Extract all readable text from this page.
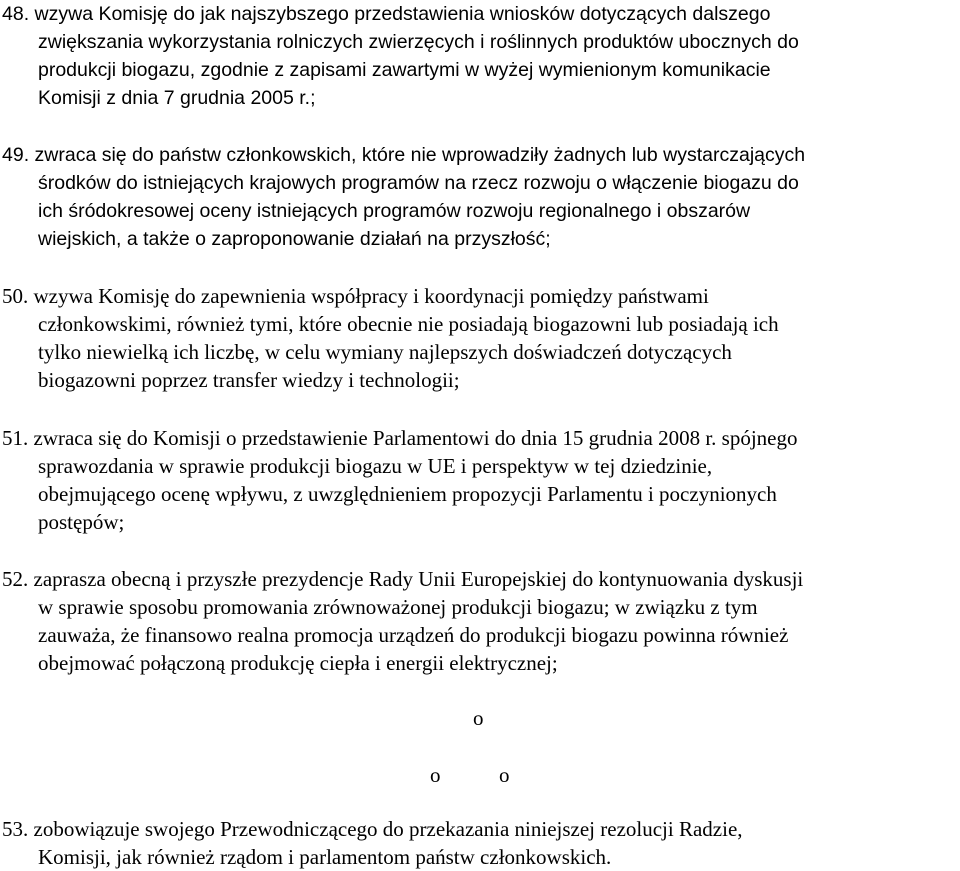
48. wzywa Komisję do jak najszybszego przedstawienia wniosków dotyczących dalszego
zwiększania wykorzystania rolniczych zwierzęcych i roślinnych produktów ubocznych do
produkcji biogazu, zgodnie z zapisami zawartymi w wyżej wymienionym komunikacie
Komisji z dnia 7 grudnia 2005 r.;
49. zwraca się do państw członkowskich, które nie wprowadziły żadnych lub wystarczających
środków do istniejących krajowych programów na rzecz rozwoju o włączenie biogazu do
ich śródokresowej oceny istniejących programów rozwoju regionalnego i obszarów
wiejskich, a także o zaproponowanie działań na przyszłość;
50. wzywa Komisję do zapewnienia współpracy i koordynacji pomiędzy państwami
członkowskimi, również tymi, które obecnie nie posiadają biogazowni lub posiadają ich
tylko niewielką ich liczbę, w celu wymiany najlepszych doświadczeń dotyczących
biogazowni poprzez transfer wiedzy i technologii;
51. zwraca się do Komisji o przedstawienie Parlamentowi do dnia 15 grudnia 2008 r. spójnego
sprawozdania w sprawie produkcji biogazu w UE i perspektyw w tej dziedzinie,
obejmującego ocenę wpływu, z uwzględnieniem propozycji Parlamentu i poczynionych
postępów;
52. zaprasza obecną i przyszłe prezydencje Rady Unii Europejskiej do kontynuowania dyskusji
w sprawie sposobu promowania zrównoważonej produkcji biogazu; w związku z tym
zauważa, że finansowo realna promocja urządzeń do produkcji biogazu powinna również
obejmować połączoną produkcję ciepła i energii elektrycznej;
o
o	o
53. zobowiązuje swojego Przewodniczącego do przekazania niniejszej rezolucji Radzie,
Komisji, jak również rządom i parlamentom państw członkowskich.
